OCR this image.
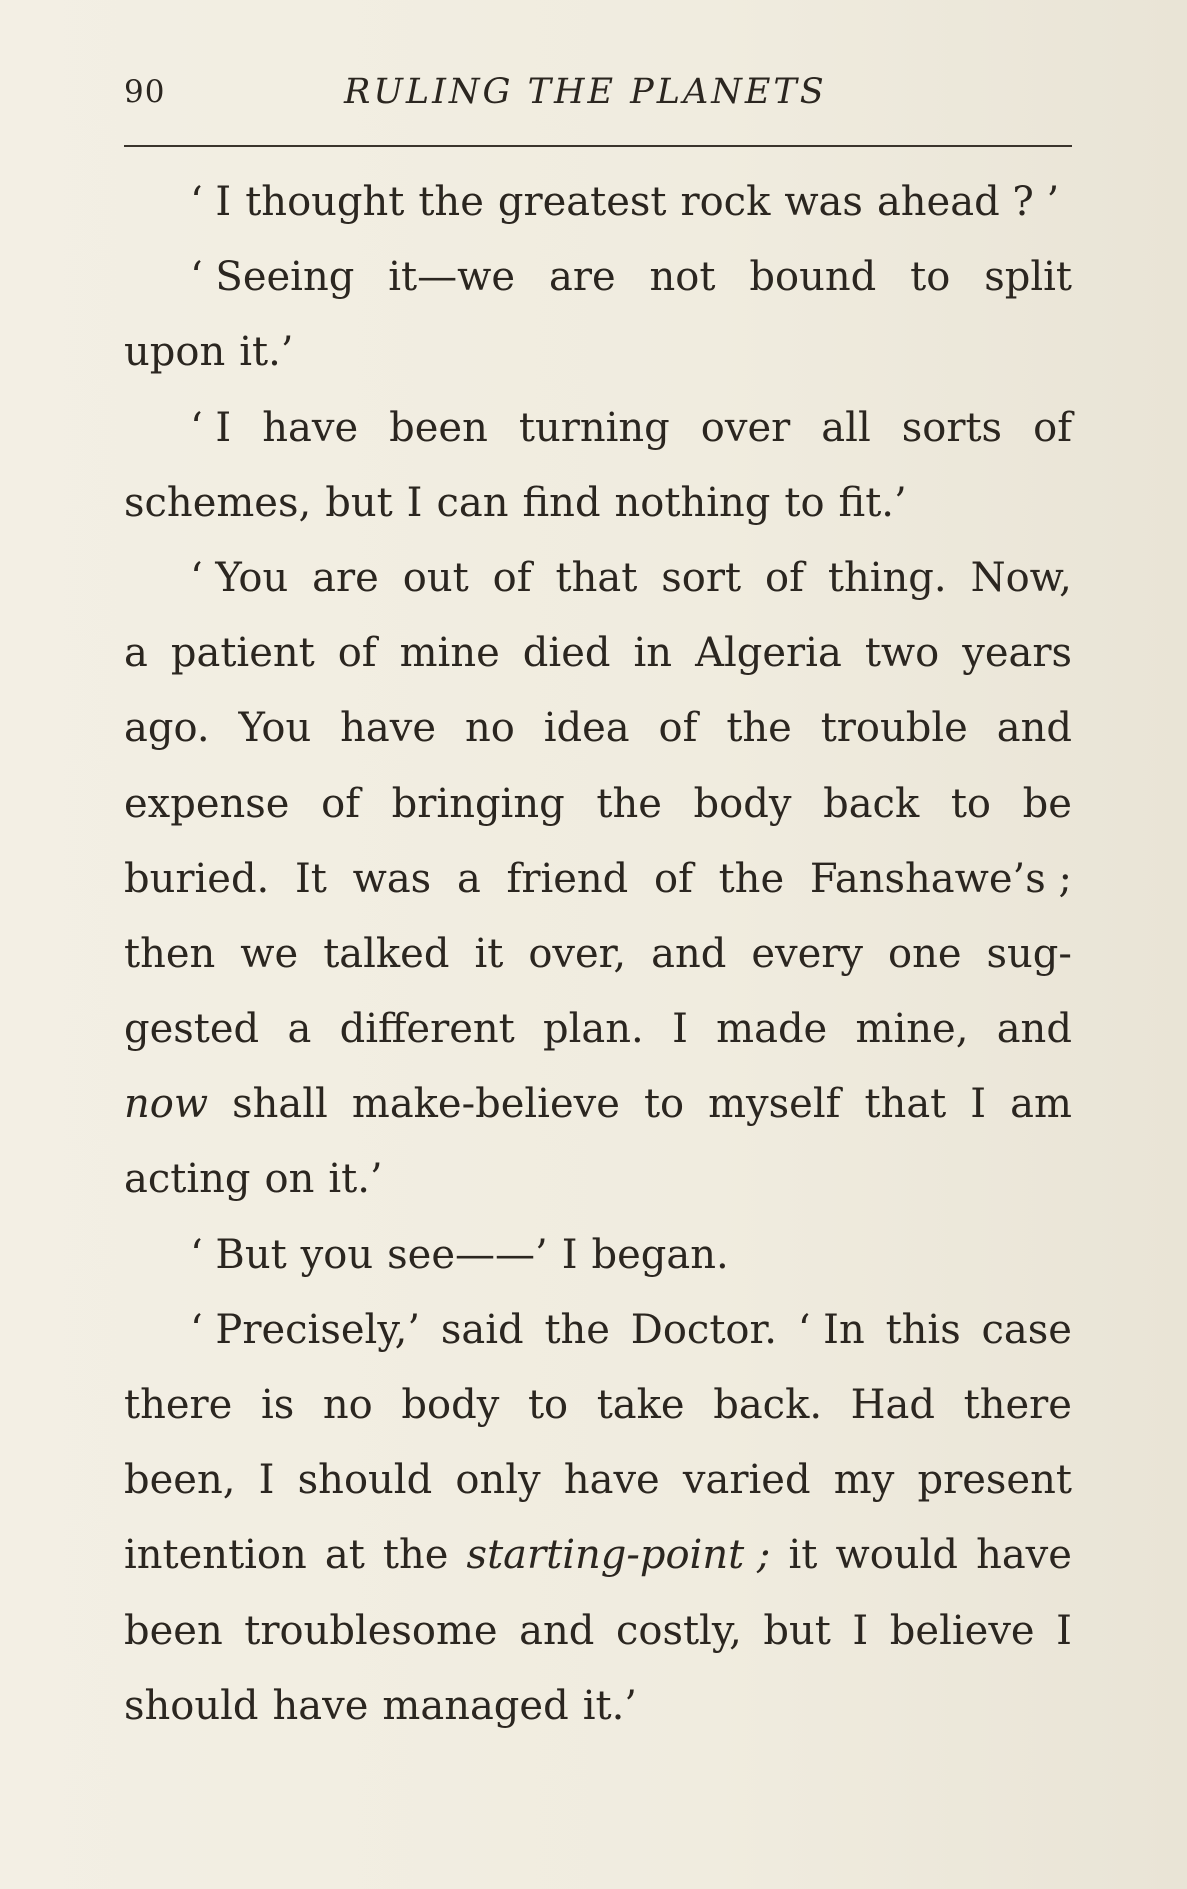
90	RULING THE PLANETS
‘ I thought the greatest rock was ahead ? ’
‘ Seeing it—we are not bound to split
upon it.’
‘ I have been turning over all sorts of
schemes, but I can find nothing to fit.’
‘ You are out of that sort of thing. Now,
a patient of mine died in Algeria two years
ago. You have no idea of the trouble and
expense of bringing the body back to be
buried. It was a friend of the Fanshawe’s ;
then we talked it over, and every one sug-
gested a different plan. I made mine, and
now shall make-believe to myself that I am
acting on it.’
‘ But you see——’ I began.
‘ Precisely,’ said the Doctor. ‘ In this case
there is no body to take back. Had there
been, I should only have varied my present
intention at the starting-point ; it would have
been troublesome and costly, but I believe I
should have managed it.’
